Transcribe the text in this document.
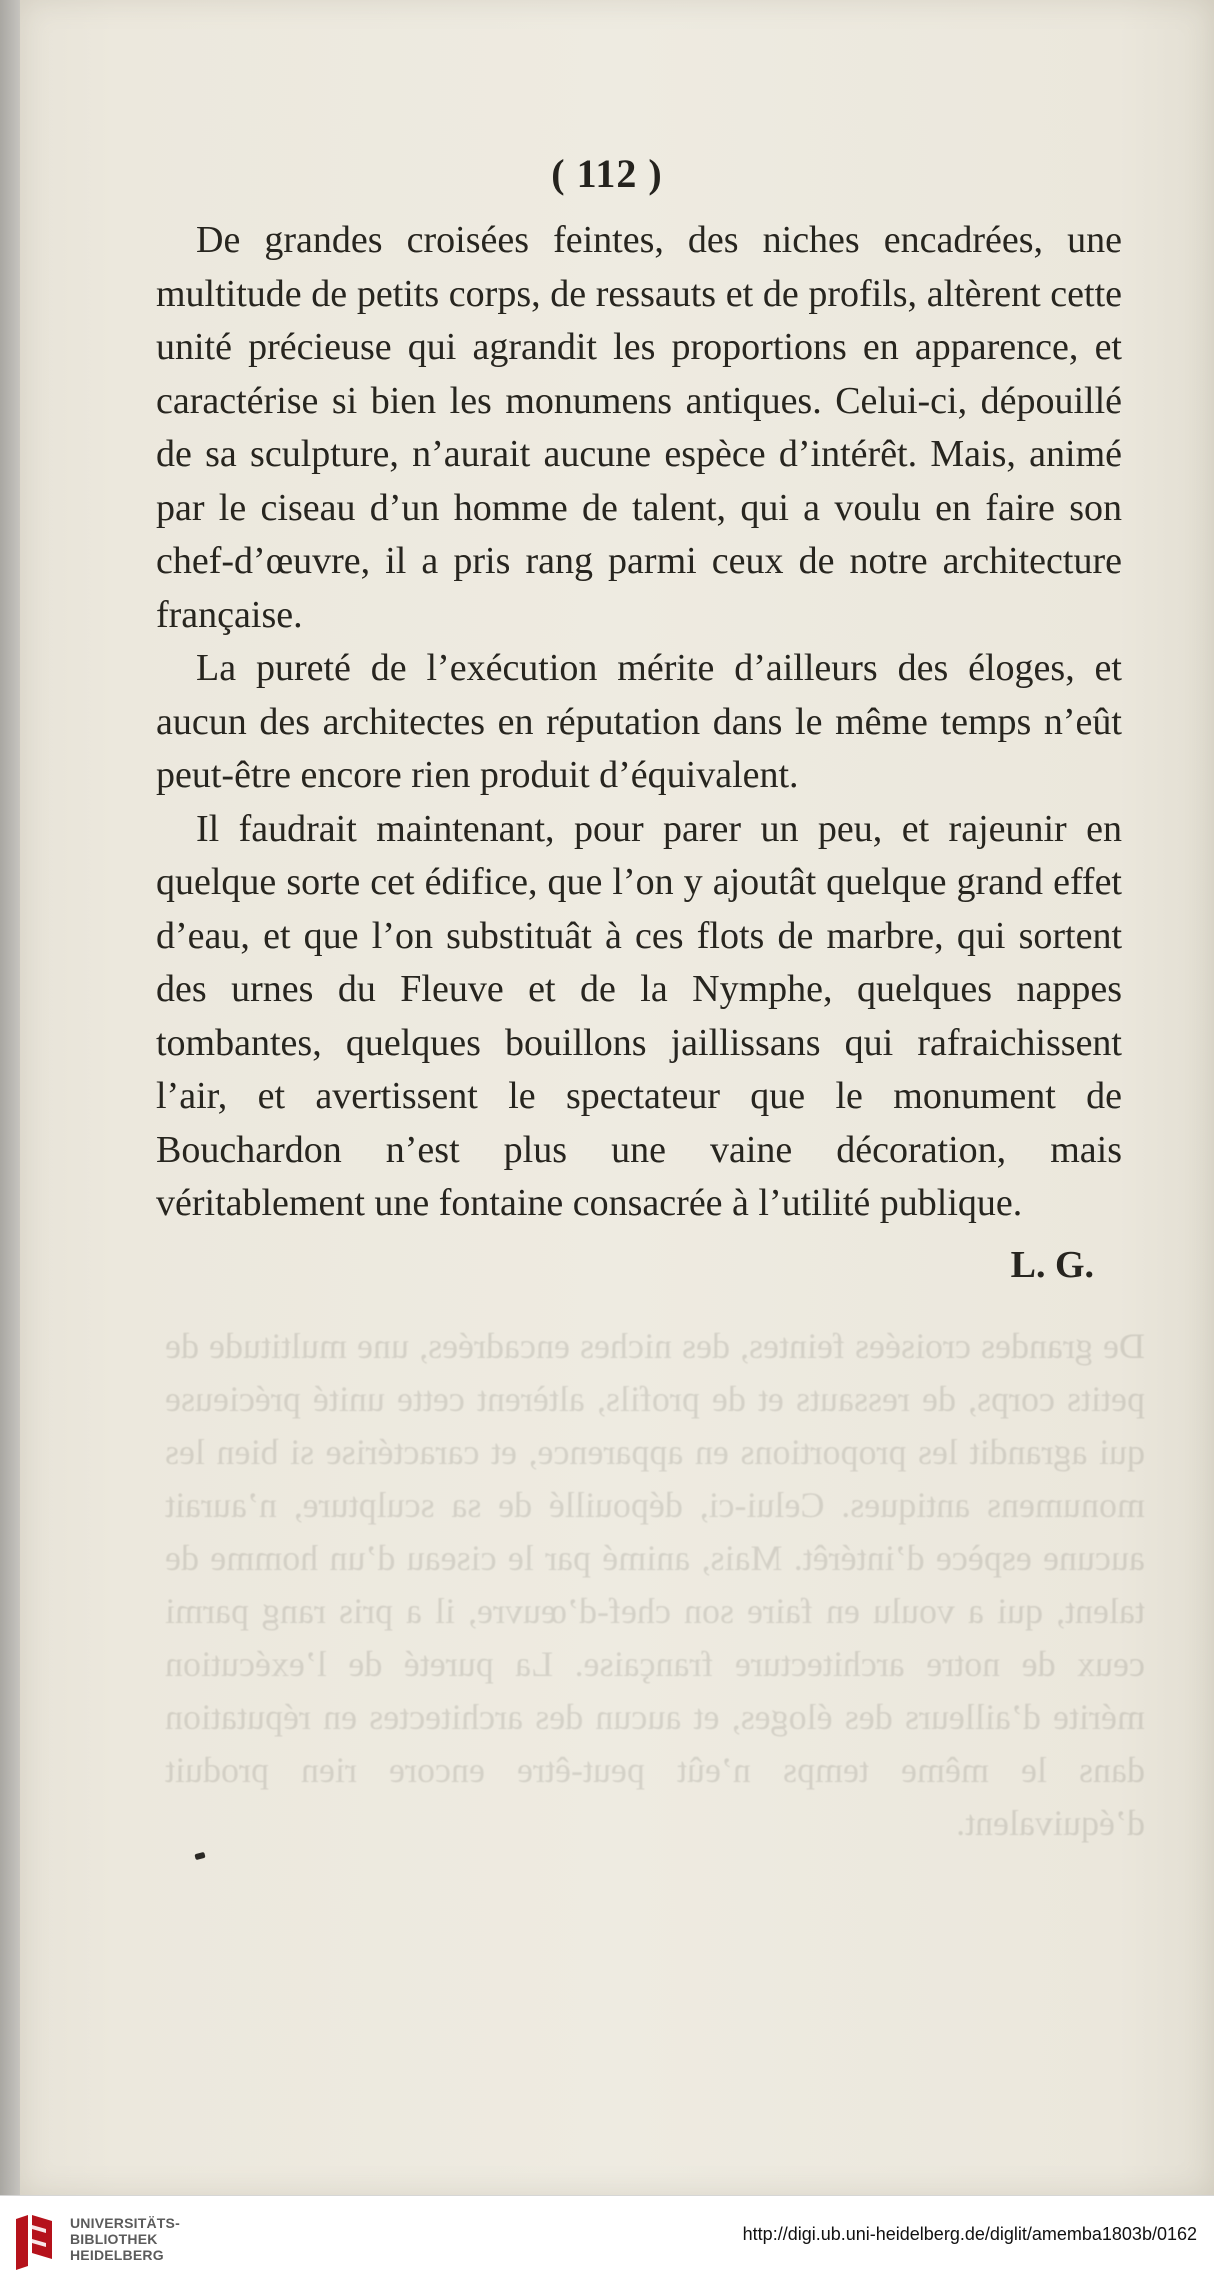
De grandes croisées feintes, des niches encadrées, une multitude de petits corps, de ressauts et de profils, altèrent cette unité précieuse qui agrandit les proportions en apparence, et caractérise si bien les monumens antiques. Celui-ci, dépouillé de sa sculpture, n’aurait aucune espèce d’intérêt. Mais, animé par le ciseau d’un homme de talent, qui a voulu en faire son chef-d’œuvre, il a pris rang parmi ceux de notre architecture française. La pureté de l’exécution mérite d’ailleurs des éloges, et aucun des architectes en réputation dans le même temps n’eût peut-être encore rien produit d’équivalent.
( 112 )

De grandes croisées feintes, des niches encadrées, une multitude de petits corps, de ressauts et de profils, altèrent cette unité précieuse qui agrandit les proportions en apparence, et caractérise si bien les monumens antiques. Celui-ci, dépouillé de sa sculpture, n’aurait aucune espèce d’intérêt. Mais, animé par le ciseau d’un homme de talent, qui a voulu en faire son chef-d’œuvre, il a pris rang parmi ceux de notre architecture française.

La pureté de l’exécution mérite d’ailleurs des éloges, et aucun des architectes en réputation dans le même temps n’eût peut-être encore rien produit d’équivalent.

Il faudrait maintenant, pour parer un peu, et rajeunir en quelque sorte cet édifice, que l’on y ajoutât quelque grand effet d’eau, et que l’on substituât à ces flots de marbre, qui sortent des urnes du Fleuve et de la Nymphe, quelques nappes tombantes, quelques bouillons jaillissans qui rafraichissent l’air, et avertissent le spectateur que le monument de Bouchardon n’est plus une vaine décoration, mais véritablement une fontaine consacrée à l’utilité publique.

L. G.
UNIVERSITÄTS-
BIBLIOTHEK
HEIDELBERG
http://digi.ub.uni-heidelberg.de/diglit/amemba1803b/0162
